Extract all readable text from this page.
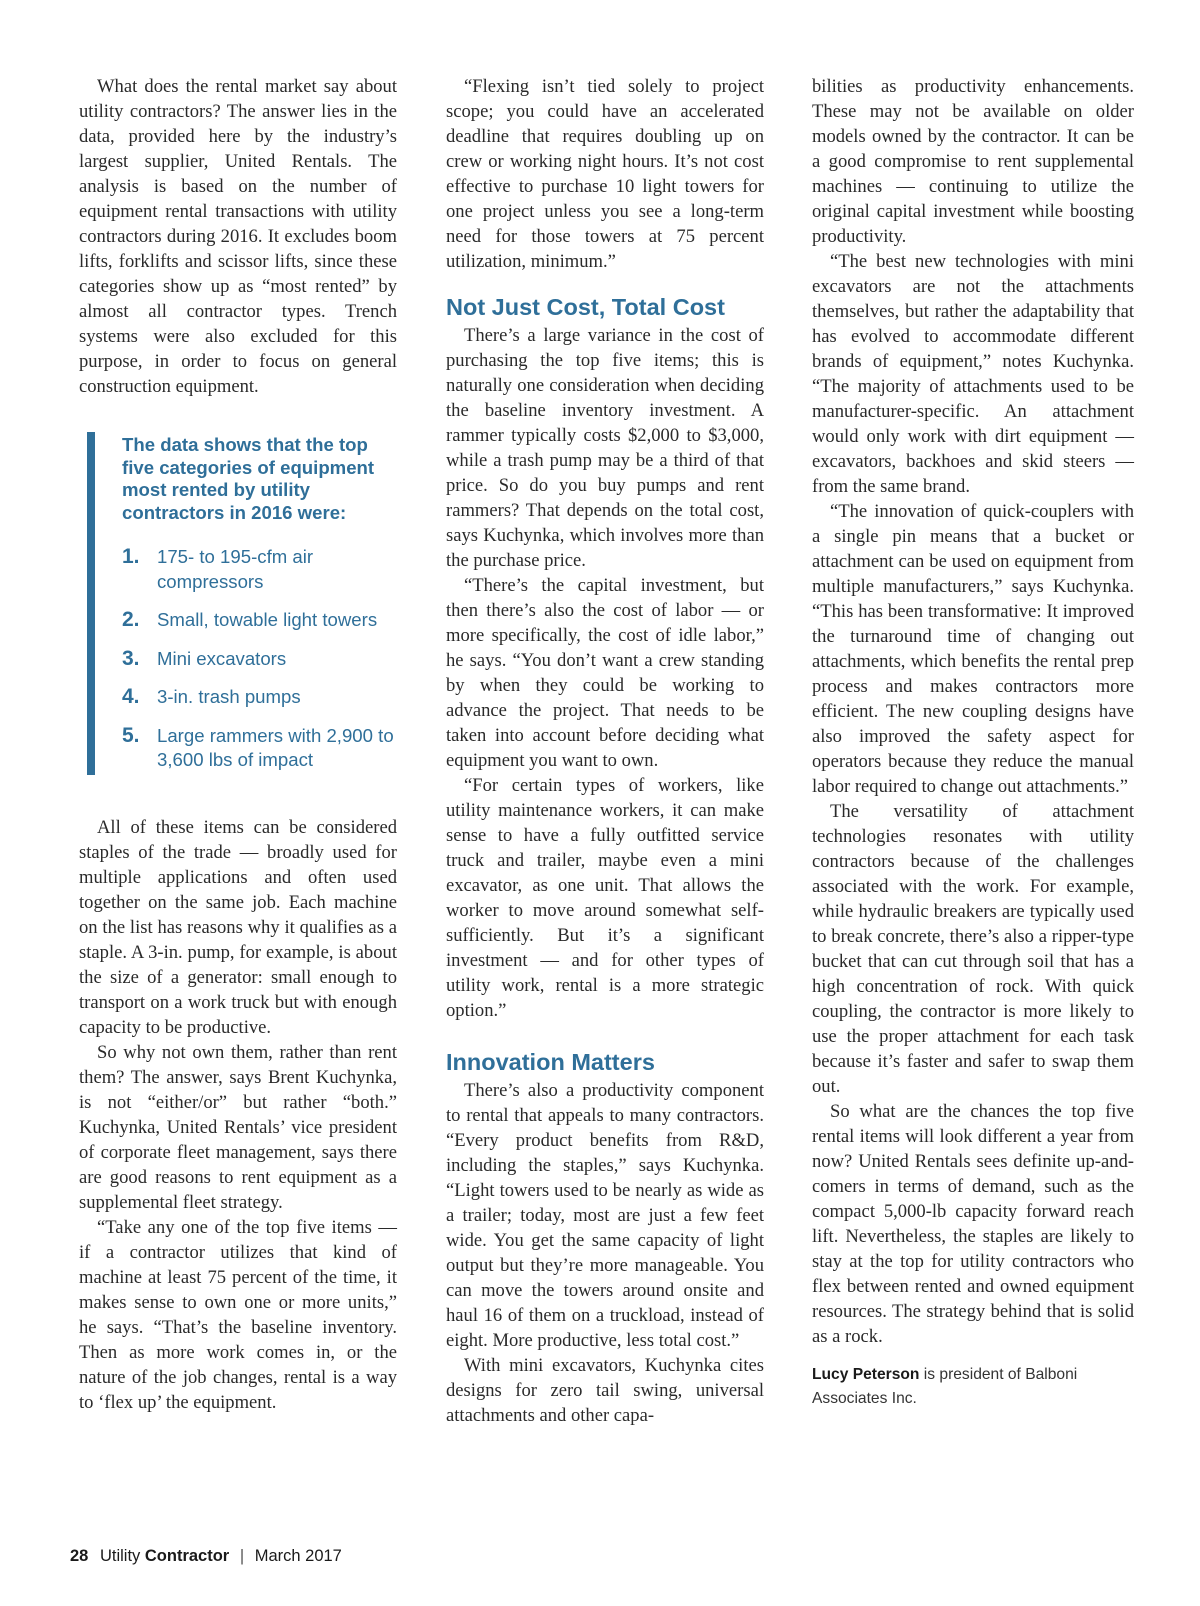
What does the rental market say about utility contractors? The answer lies in the data, provided here by the industry’s largest supplier, United Rentals. The analysis is based on the number of equipment rental transactions with utility contractors during 2016. It excludes boom lifts, forklifts and scissor lifts, since these categories show up as “most rented” by almost all contractor types. Trench systems were also excluded for this purpose, in order to focus on general construction equipment.

The data shows that the top five categories of equipment most rented by utility contractors in 2016 were:
1. 175- to 195-cfm air compressors
2. Small, towable light towers
3. Mini excavators
4. 3-in. trash pumps
5. Large rammers with 2,900 to 3,600 lbs of impact

All of these items can be considered staples of the trade — broadly used for multiple applications and often used together on the same job. Each machine on the list has reasons why it qualifies as a staple. A 3-in. pump, for example, is about the size of a generator: small enough to transport on a work truck but with enough capacity to be productive.

So why not own them, rather than rent them? The answer, says Brent Kuchynka, is not “either/or” but rather “both.” Kuchynka, United Rentals’ vice president of corporate fleet management, says there are good reasons to rent equipment as a supplemental fleet strategy.

“Take any one of the top five items — if a contractor utilizes that kind of machine at least 75 percent of the time, it makes sense to own one or more units,” he says. “That’s the baseline inventory. Then as more work comes in, or the nature of the job changes, rental is a way to ‘flex up’ the equipment.

“Flexing isn’t tied solely to project scope; you could have an accelerated deadline that requires doubling up on crew or working night hours. It’s not cost effective to purchase 10 light towers for one project unless you see a long-term need for those towers at 75 percent utilization, minimum.”

Not Just Cost, Total Cost

There’s a large variance in the cost of purchasing the top five items; this is naturally one consideration when deciding the baseline inventory investment. A rammer typically costs $2,000 to $3,000, while a trash pump may be a third of that price. So do you buy pumps and rent rammers? That depends on the total cost, says Kuchynka, which involves more than the purchase price.

“There’s the capital investment, but then there’s also the cost of labor — or more specifically, the cost of idle labor,” he says. “You don’t want a crew standing by when they could be working to advance the project. That needs to be taken into account before deciding what equipment you want to own.

“For certain types of workers, like utility maintenance workers, it can make sense to have a fully outfitted service truck and trailer, maybe even a mini excavator, as one unit. That allows the worker to move around somewhat self-sufficiently. But it’s a significant investment — and for other types of utility work, rental is a more strategic option.”

Innovation Matters

There’s also a productivity component to rental that appeals to many contractors. “Every product benefits from R&D, including the staples,” says Kuchynka. “Light towers used to be nearly as wide as a trailer; today, most are just a few feet wide. You get the same capacity of light output but they’re more manageable. You can move the towers around onsite and haul 16 of them on a truckload, instead of eight. More productive, less total cost.”

With mini excavators, Kuchynka cites designs for zero tail swing, universal attachments and other capa-

bilities as productivity enhancements. These may not be available on older models owned by the contractor. It can be a good compromise to rent supplemental machines — continuing to utilize the original capital investment while boosting productivity.

“The best new technologies with mini excavators are not the attachments themselves, but rather the adaptability that has evolved to accommodate different brands of equipment,” notes Kuchynka. “The majority of attachments used to be manufacturer-specific. An attachment would only work with dirt equipment — excavators, backhoes and skid steers — from the same brand.

“The innovation of quick-couplers with a single pin means that a bucket or attachment can be used on equipment from multiple manufacturers,” says Kuchynka. “This has been transformative: It improved the turnaround time of changing out attachments, which benefits the rental prep process and makes contractors more efficient. The new coupling designs have also improved the safety aspect for operators because they reduce the manual labor required to change out attachments.”

The versatility of attachment technologies resonates with utility contractors because of the challenges associated with the work. For example, while hydraulic breakers are typically used to break concrete, there’s also a ripper-type bucket that can cut through soil that has a high concentration of rock. With quick coupling, the contractor is more likely to use the proper attachment for each task because it’s faster and safer to swap them out.

So what are the chances the top five rental items will look different a year from now? United Rentals sees definite up-and-comers in terms of demand, such as the compact 5,000-lb capacity forward reach lift. Nevertheless, the staples are likely to stay at the top for utility contractors who flex between rented and owned equipment resources. The strategy behind that is solid as a rock.

Lucy Peterson is president of Balboni Associates Inc.

28 Utility Contractor | March 2017
